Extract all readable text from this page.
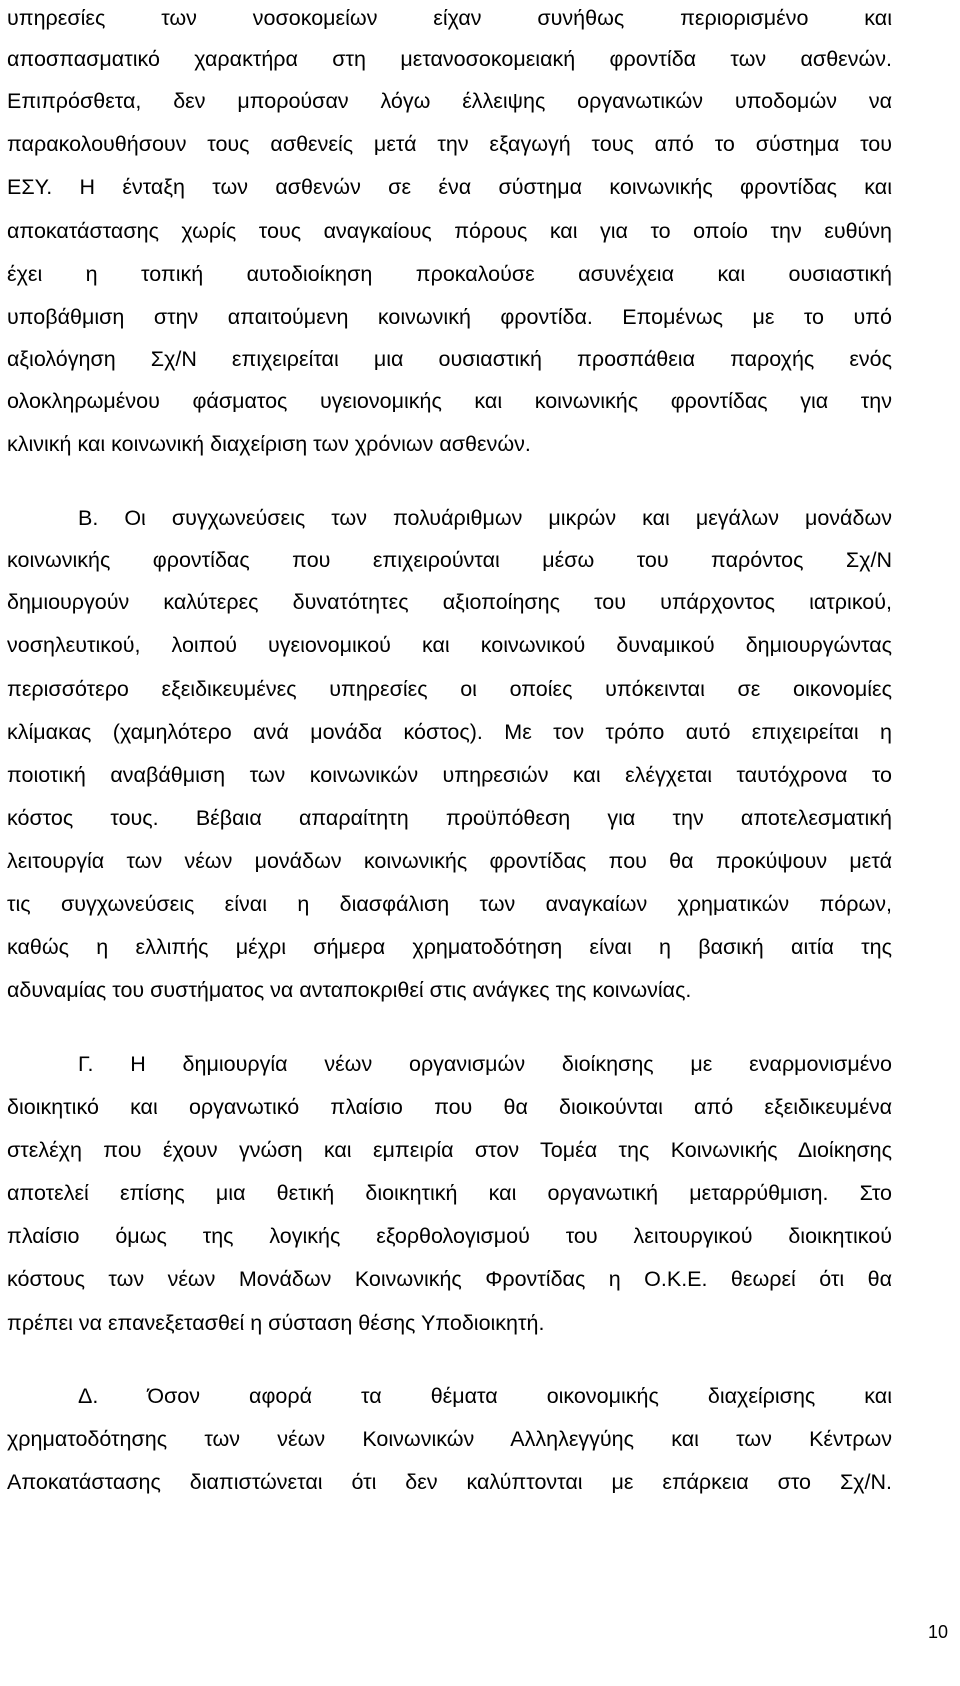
υπηρεσίες των νοσοκομείων είχαν συνήθως περιορισμένο και
αποσπασματικό χαρακτήρα στη μετανοσοκομειακή φροντίδα των ασθενών.
Επιπρόσθετα, δεν μπορούσαν λόγω έλλειψης οργανωτικών υποδομών να
παρακολουθήσουν τους ασθενείς μετά την εξαγωγή τους από το σύστημα του
ΕΣΥ. Η ένταξη των ασθενών σε ένα σύστημα κοινωνικής φροντίδας και
αποκατάστασης χωρίς τους αναγκαίους πόρους και για το οποίο την ευθύνη
έχει η τοπική αυτοδιοίκηση προκαλούσε ασυνέχεια και ουσιαστική
υποβάθμιση στην απαιτούμενη κοινωνική φροντίδα. Επομένως με το υπό
αξιολόγηση Σχ/Ν επιχειρείται μια ουσιαστική προσπάθεια παροχής ενός
ολοκληρωμένου φάσματος υγειονομικής και κοινωνικής φροντίδας για την
κλινική και κοινωνική διαχείριση των χρόνιων ασθενών.
Β. Οι συγχωνεύσεις των πολυάριθμων μικρών και μεγάλων μονάδων
κοινωνικής φροντίδας που επιχειρούνται μέσω του παρόντος Σχ/Ν
δημιουργούν καλύτερες δυνατότητες αξιοποίησης του υπάρχοντος ιατρικού,
νοσηλευτικού, λοιπού υγειονομικού και κοινωνικού δυναμικού δημιουργώντας
περισσότερο εξειδικευμένες υπηρεσίες οι οποίες υπόκεινται σε οικονομίες
κλίμακας (χαμηλότερο ανά μονάδα κόστος). Με τον τρόπο αυτό επιχειρείται η
ποιοτική αναβάθμιση των κοινωνικών υπηρεσιών και ελέγχεται ταυτόχρονα το
κόστος τους. Βέβαια απαραίτητη προϋπόθεση για την αποτελεσματική
λειτουργία των νέων μονάδων κοινωνικής φροντίδας που θα προκύψουν μετά
τις συγχωνεύσεις είναι η διασφάλιση των αναγκαίων χρηματικών πόρων,
καθώς η ελλιπής μέχρι σήμερα χρηματοδότηση είναι η βασική αιτία της
αδυναμίας του συστήματος να ανταποκριθεί στις ανάγκες της κοινωνίας.
Γ. Η δημιουργία νέων οργανισμών διοίκησης με εναρμονισμένο
διοικητικό και οργανωτικό πλαίσιο που θα διοικούνται από εξειδικευμένα
στελέχη που έχουν γνώση και εμπειρία στον Τομέα της Κοινωνικής Διοίκησης
αποτελεί επίσης μια θετική διοικητική και οργανωτική μεταρρύθμιση. Στο
πλαίσιο όμως της λογικής εξορθολογισμού του λειτουργικού διοικητικού
κόστους των νέων Μονάδων Κοινωνικής Φροντίδας η Ο.Κ.Ε. θεωρεί ότι θα
πρέπει να επανεξετασθεί η σύσταση θέσης Υποδιοικητή.
Δ. Όσον αφορά τα θέματα οικονομικής διαχείρισης και
χρηματοδότησης των νέων Κοινωνικών Αλληλεγγύης και των Κέντρων
Αποκατάστασης διαπιστώνεται ότι δεν καλύπτονται με επάρκεια στο Σχ/Ν.
10
